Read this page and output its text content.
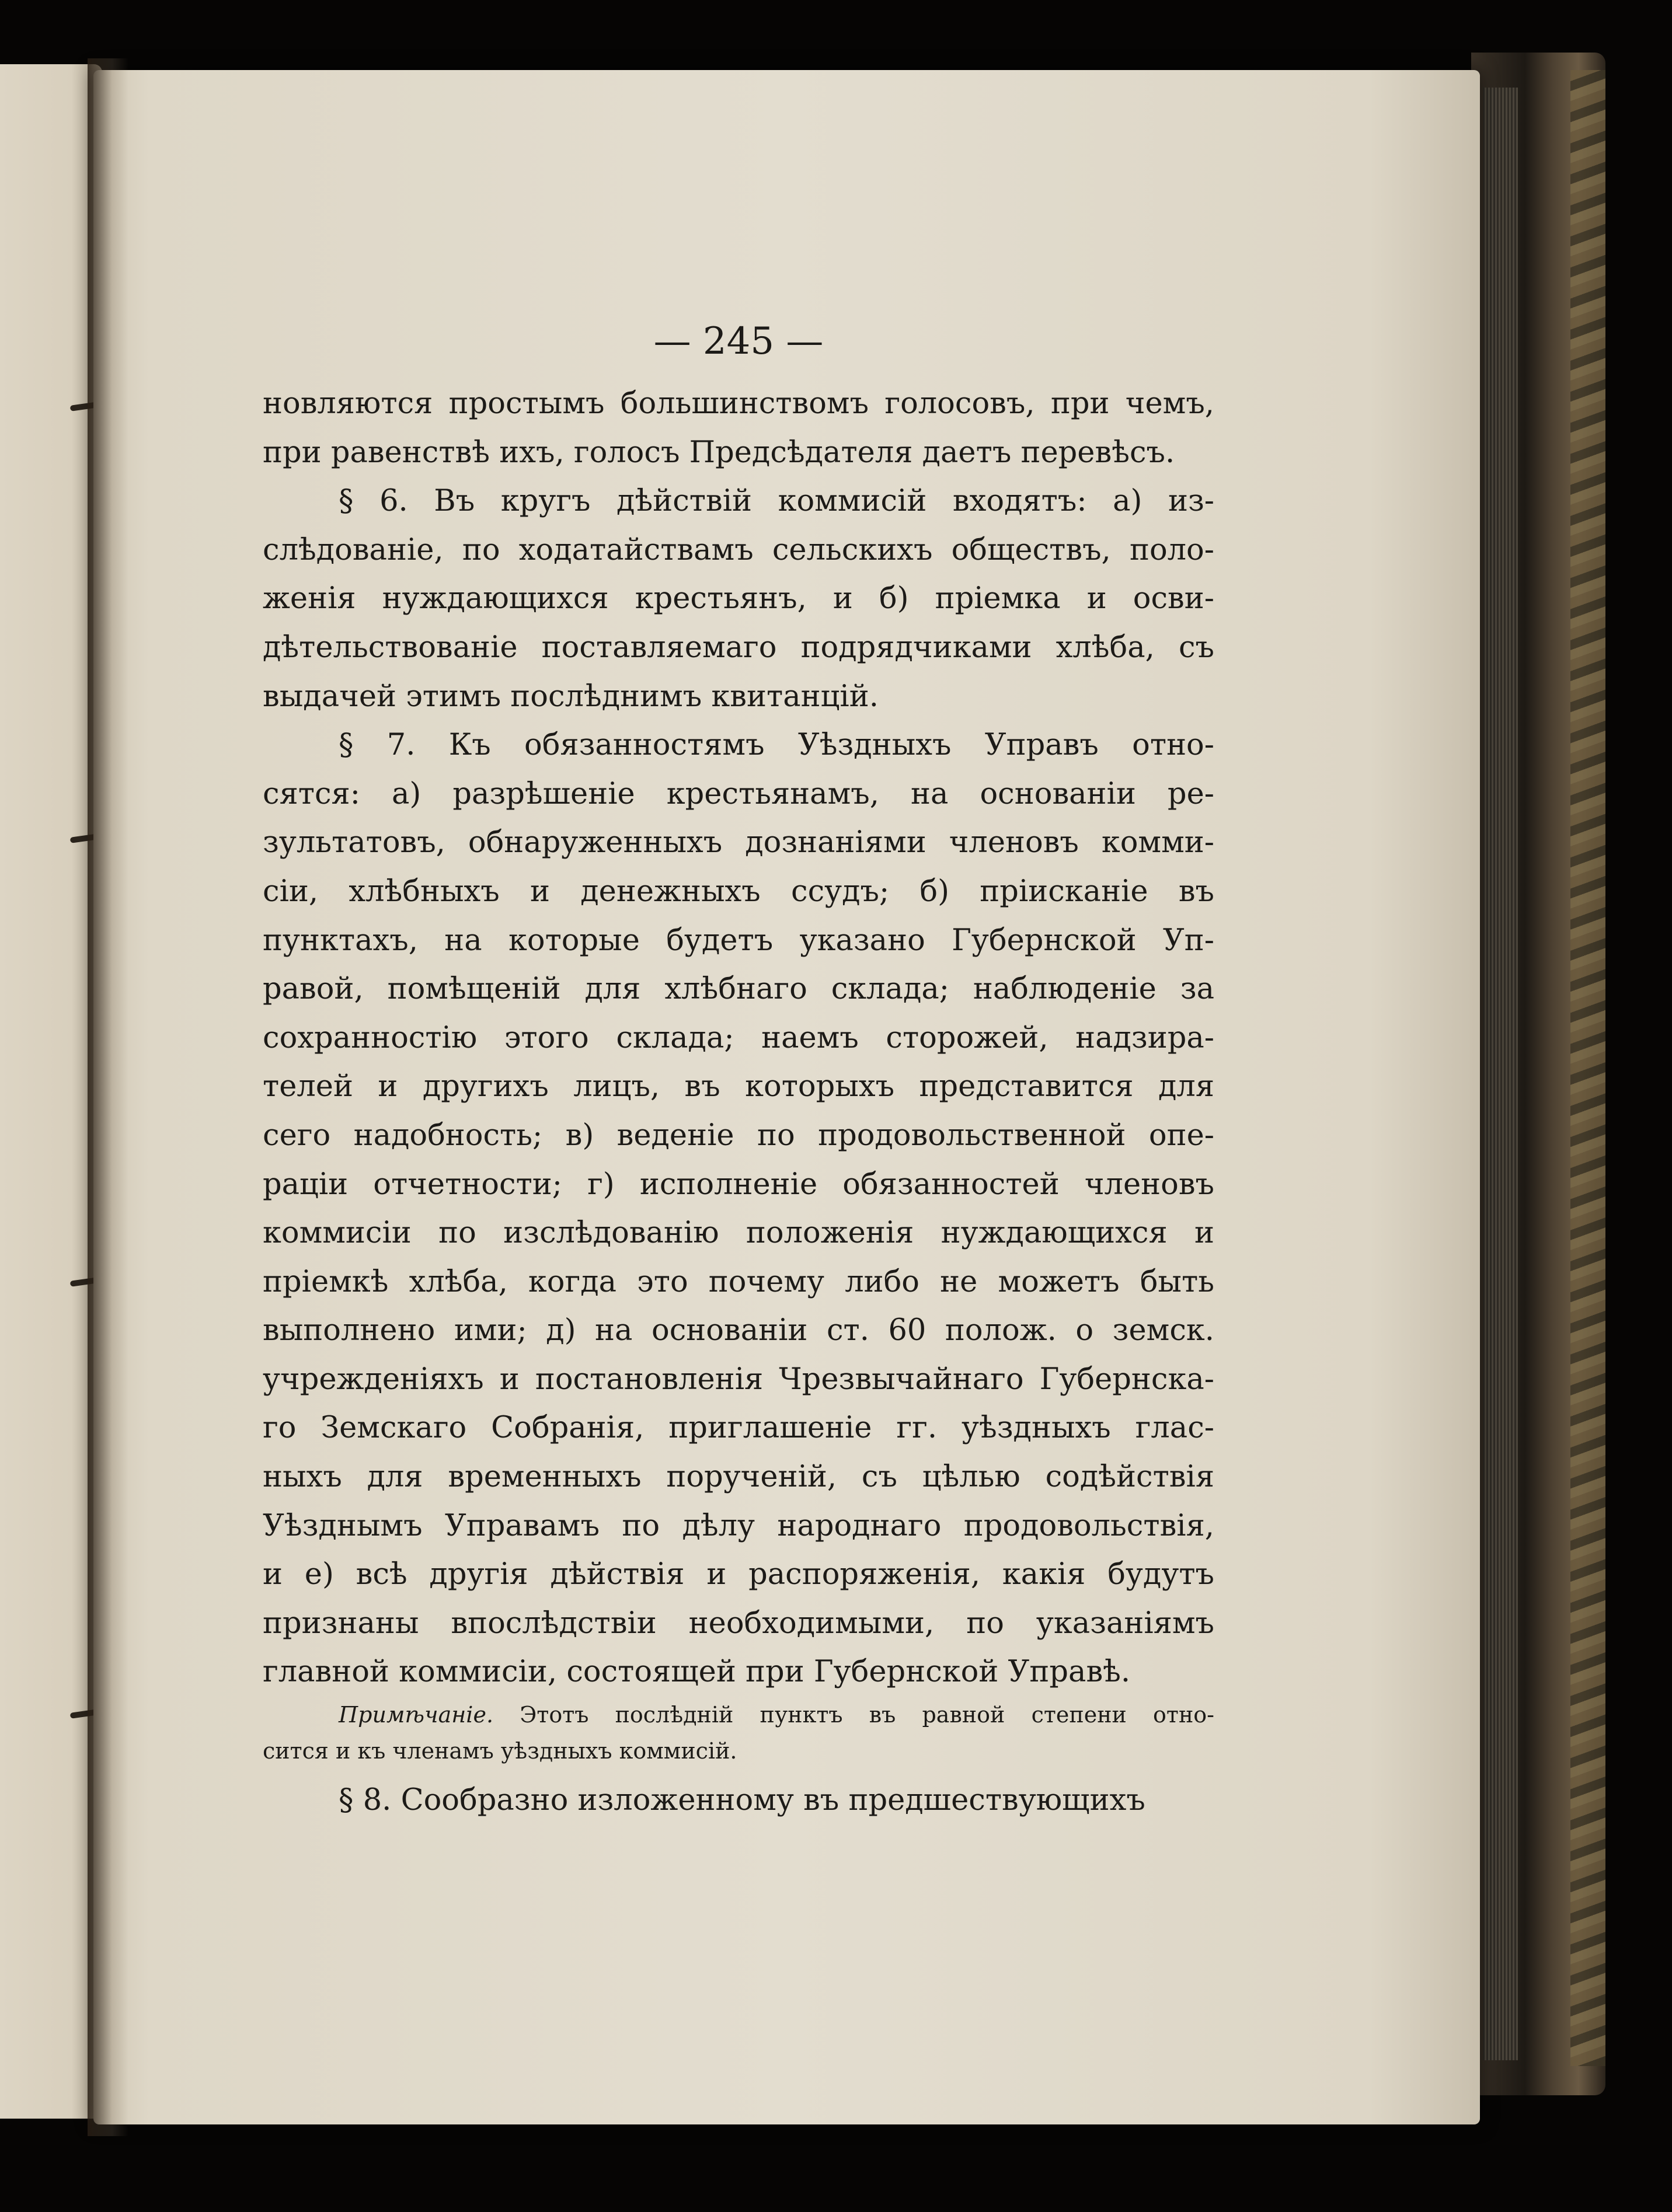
— 245 —
новляются простымъ большинствомъ голосовъ, при чемъ,
при равенствѣ ихъ, голосъ Предсѣдателя даетъ перевѣсъ.
§ 6. Въ кругъ дѣйствій коммисій входятъ: а) из-
слѣдованіе, по ходатайствамъ сельскихъ обществъ, поло-
женія нуждающихся крестьянъ, и б) пріемка и осви-
дѣтельствованіе поставляемаго подрядчиками хлѣба, съ
выдачей этимъ послѣднимъ квитанцій.
§ 7. Къ обязанностямъ Уѣздныхъ Управъ отно-
сятся: а) разрѣшеніе крестьянамъ, на основаніи ре-
зультатовъ, обнаруженныхъ дознаніями членовъ комми-
сіи, хлѣбныхъ и денежныхъ ссудъ; б) пріисканіе въ
пунктахъ, на которые будетъ указано Губернской Уп-
равой, помѣщеній для хлѣбнаго склада; наблюденіе за
сохранностію этого склада; наемъ сторожей, надзира-
телей и другихъ лицъ, въ которыхъ представится для
сего надобность; в) веденіе по продовольственной опе-
раціи отчетности; г) исполненіе обязанностей членовъ
коммисіи по изслѣдованію положенія нуждающихся и
пріемкѣ хлѣба, когда это почему либо не можетъ быть
выполнено ими; д) на основаніи ст. 60 полож. о земск.
учрежденіяхъ и постановленія Чрезвычайнаго Губернска-
го Земскаго Собранія, приглашеніе гг. уѣздныхъ глас-
ныхъ для временныхъ порученій, съ цѣлью содѣйствія
Уѣзднымъ Управамъ по дѣлу народнаго продовольствія,
и е) всѣ другія дѣйствія и распоряженія, какія будутъ
признаны впослѣдствіи необходимыми, по указаніямъ
главной коммисіи, состоящей при Губернской Управѣ.
Примѣчаніе. Этотъ послѣдній пунктъ въ равной степени отно-
сится и къ членамъ уѣздныхъ коммисій.
§ 8. Сообразно изложенному въ предшествующихъ
